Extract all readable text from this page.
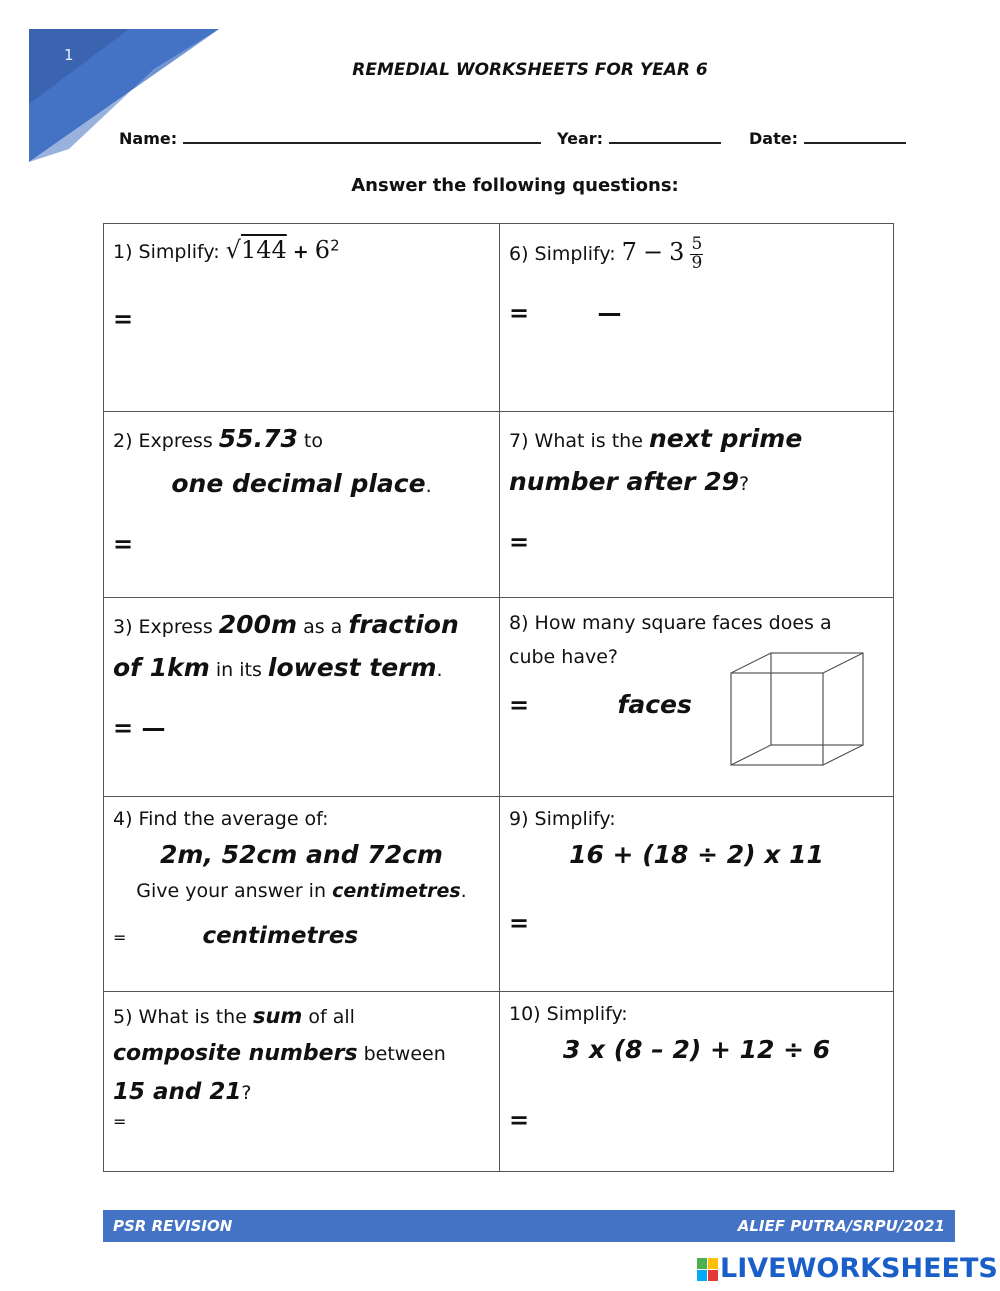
1
REMEDIAL WORKSHEETS FOR YEAR 6
Name:	Year:	Date:
Answer the following questions:
1) Simplify: $√144 + 6^2$
=
6) Simplify: $7 - 3 \frac{5}{9}$
=	—
2) Express 55.73 to
one decimal place.
=
7) What is the next prime
number after 29?
=
3) Express 200m as a fraction
of 1km in its lowest term.
= —
8) How many square faces does a cube have?
=	faces
4) Find the average of:
2m, 52cm and 72cm
Give your answer in centimetres.
=	centimetres
9) Simplify:
16 + (18 ÷ 2) x 11
=
5) What is the sum of all
composite numbers between
15 and 21?
=
10) Simplify:
3 x (8 – 2) + 12 ÷ 6
=
PSR REVISION	ALIEF PUTRA/SRPU/2021
LIVEWORKSHEETS
